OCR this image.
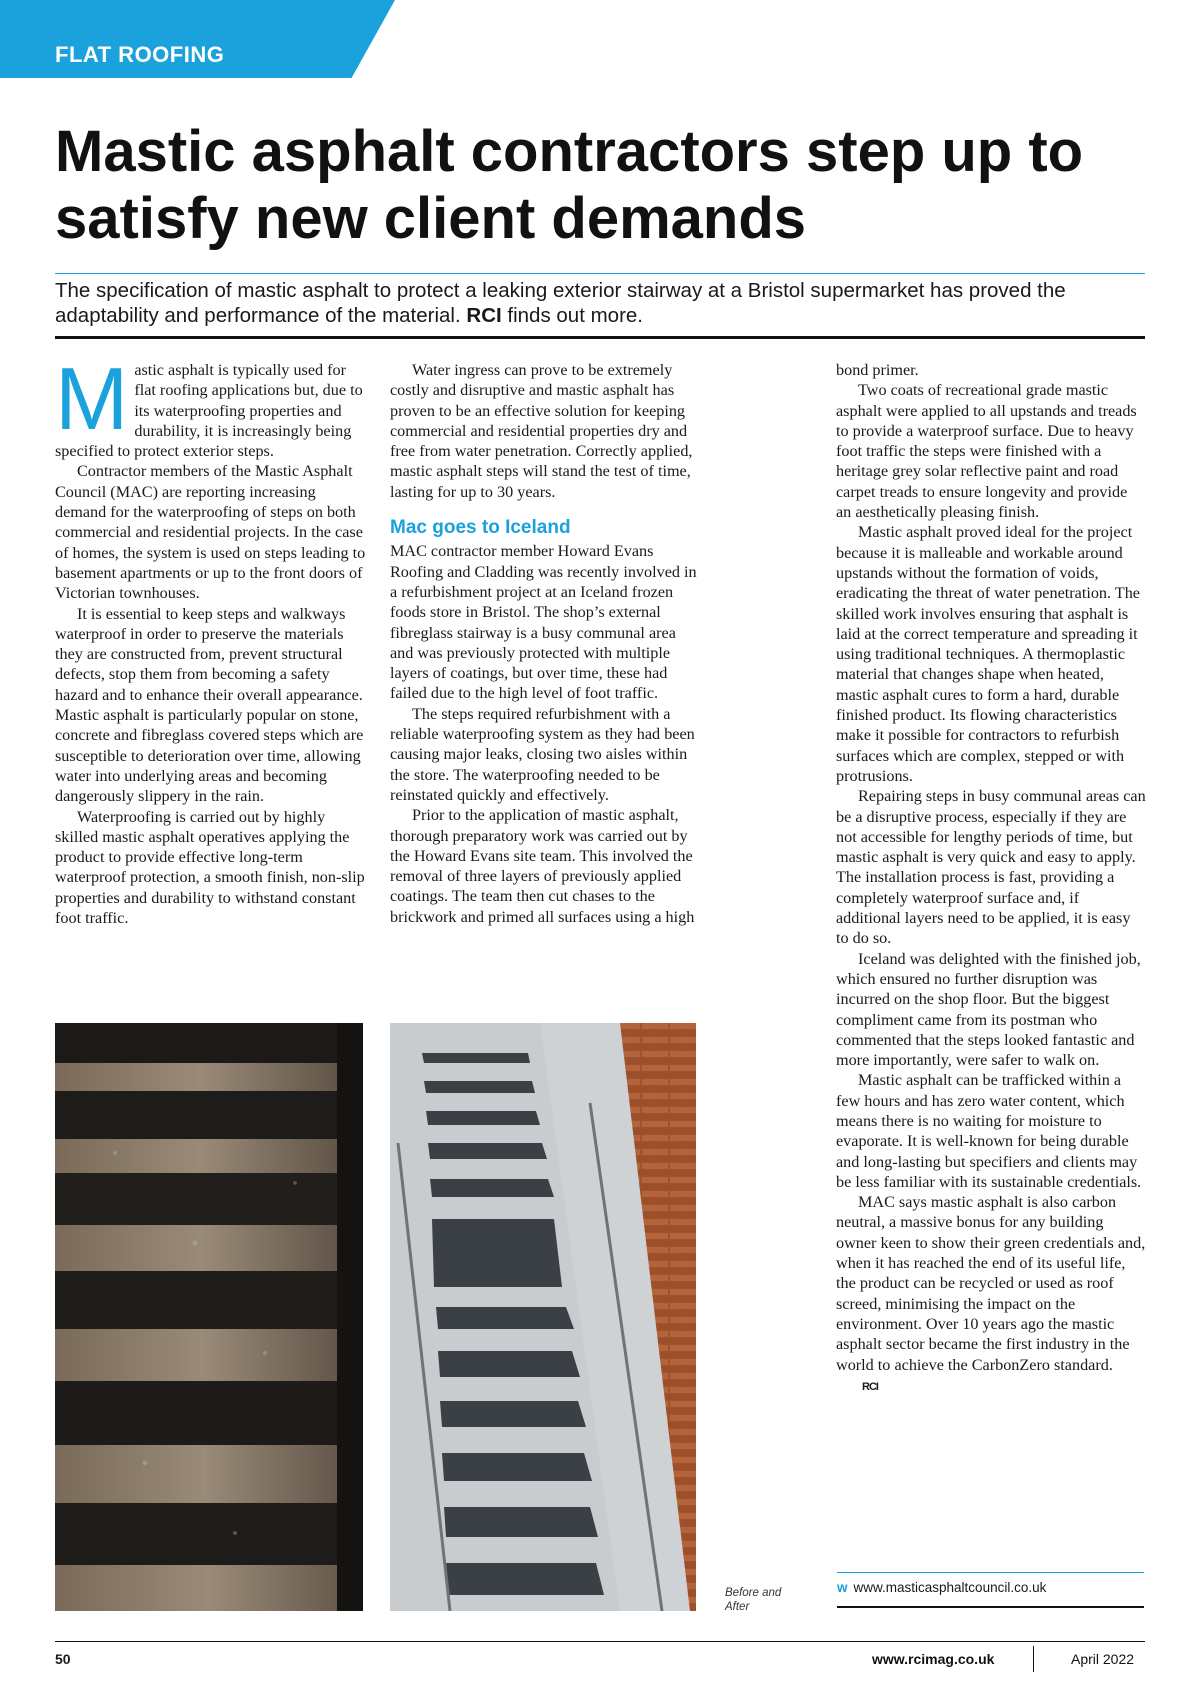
FLAT ROOFING
Mastic asphalt contractors step up to satisfy new client demands
The specification of mastic asphalt to protect a leaking exterior stairway at a Bristol supermarket has proved the adaptability and performance of the material. RCI finds out more.

Mastic asphalt is typically used for flat roofing applications but, due to its waterproofing properties and durability, it is increasingly being specified to protect exterior steps.

Contractor members of the Mastic Asphalt Council (MAC) are reporting increasing demand for the waterproofing of steps on both commercial and residential projects. In the case of homes, the system is used on steps leading to basement apartments or up to the front doors of Victorian townhouses.

It is essential to keep steps and walkways waterproof in order to preserve the materials they are constructed from, prevent structural defects, stop them from becoming a safety hazard and to enhance their overall appearance. Mastic asphalt is particularly popular on stone, concrete and fibreglass covered steps which are susceptible to deterioration over time, allowing water into underlying areas and becoming dangerously slippery in the rain.

Waterproofing is carried out by highly skilled mastic asphalt operatives applying the product to provide effective long-term waterproof protection, a smooth finish, non-slip properties and durability to withstand constant foot traffic.

Water ingress can prove to be extremely costly and disruptive and mastic asphalt has proven to be an effective solution for keeping commercial and residential properties dry and free from water penetration. Correctly applied, mastic asphalt steps will stand the test of time, lasting for up to 30 years.

Mac goes to Iceland

MAC contractor member Howard Evans Roofing and Cladding was recently involved in a refurbishment project at an Iceland frozen foods store in Bristol. The shop’s external fibreglass stairway is a busy communal area and was previously protected with multiple layers of coatings, but over time, these had failed due to the high level of foot traffic.

The steps required refurbishment with a reliable waterproofing system as they had been causing major leaks, closing two aisles within the store. The waterproofing needed to be reinstated quickly and effectively.

Prior to the application of mastic asphalt, thorough preparatory work was carried out by the Howard Evans site team. This involved the removal of three layers of previously applied coatings. The team then cut chases to the brickwork and primed all surfaces using a high

bond primer.

Two coats of recreational grade mastic asphalt were applied to all upstands and treads to provide a waterproof surface. Due to heavy foot traffic the steps were finished with a heritage grey solar reflective paint and road carpet treads to ensure longevity and provide an aesthetically pleasing finish.

Mastic asphalt proved ideal for the project because it is malleable and workable around upstands without the formation of voids, eradicating the threat of water penetration. The skilled work involves ensuring that asphalt is laid at the correct temperature and spreading it using traditional techniques. A thermoplastic material that changes shape when heated, mastic asphalt cures to form a hard, durable finished product. Its flowing characteristics make it possible for contractors to refurbish surfaces which are complex, stepped or with protrusions.

Repairing steps in busy communal areas can be a disruptive process, especially if they are not accessible for lengthy periods of time, but mastic asphalt is very quick and easy to apply. The installation process is fast, providing a completely waterproof surface and, if additional layers need to be applied, it is easy to do so.

Iceland was delighted with the finished job, which ensured no further disruption was incurred on the shop floor. But the biggest compliment came from its postman who commented that the steps looked fantastic and more importantly, were safer to walk on.

Mastic asphalt can be trafficked within a few hours and has zero water content, which means there is no waiting for moisture to evaporate. It is well-known for being durable and long-lasting but specifiers and clients may be less familiar with its sustainable credentials.

MAC says mastic asphalt is also carbon neutral, a massive bonus for any building owner keen to show their green credentials and, when it has reached the end of its useful life, the product can be recycled or used as roof screed, minimising the impact on the environment. Over 10 years ago the mastic asphalt sector became the first industry in the world to achieve the CarbonZero standard.RCI

Before and
After
w www.masticasphaltcouncil.co.uk
50	www.rcimag.co.uk	April 2022
